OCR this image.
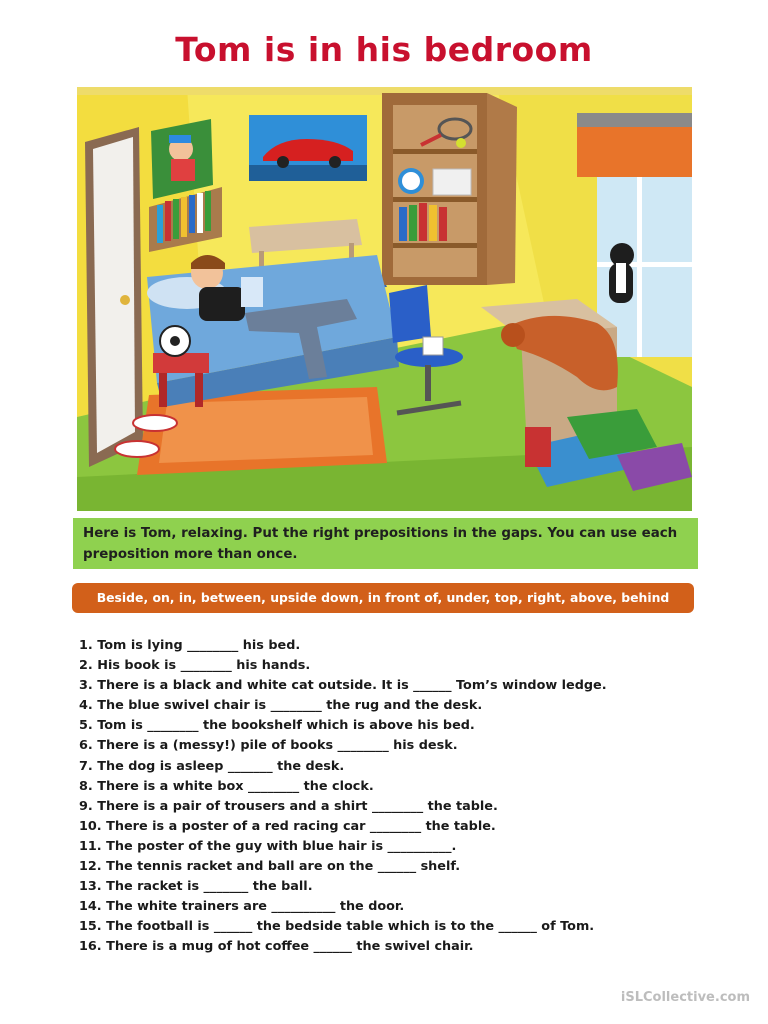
Tom is in his bedroom
Here is Tom, relaxing. Put the right prepositions in the gaps. You can use each preposition more than once.
Beside, on, in, between, upside down, in front of, under, top, right, above, behind
1. Tom is lying ________ his bed.
2. His book is ________ his hands.
3. There is a black and white cat outside. It is ______ Tom’s window ledge.
4. The blue swivel chair is ________ the rug and the desk.
5. Tom is ________ the bookshelf which is above his bed.
6. There is a (messy!) pile of books ________ his desk.
7. The dog is asleep _______ the desk.
8. There is a white box ________ the clock.
9. There is a pair of trousers and a shirt ________ the table.
10. There is a poster of a red racing car ________ the table.
11. The poster of the guy with blue hair is __________.
12. The tennis racket and ball are on the ______ shelf.
13. The racket is _______ the ball.
14. The white trainers are __________ the door.
15. The football is ______ the bedside table which is to the ______ of Tom.
16. There is a mug of hot coffee ______ the swivel chair.
iSLCollective.com
